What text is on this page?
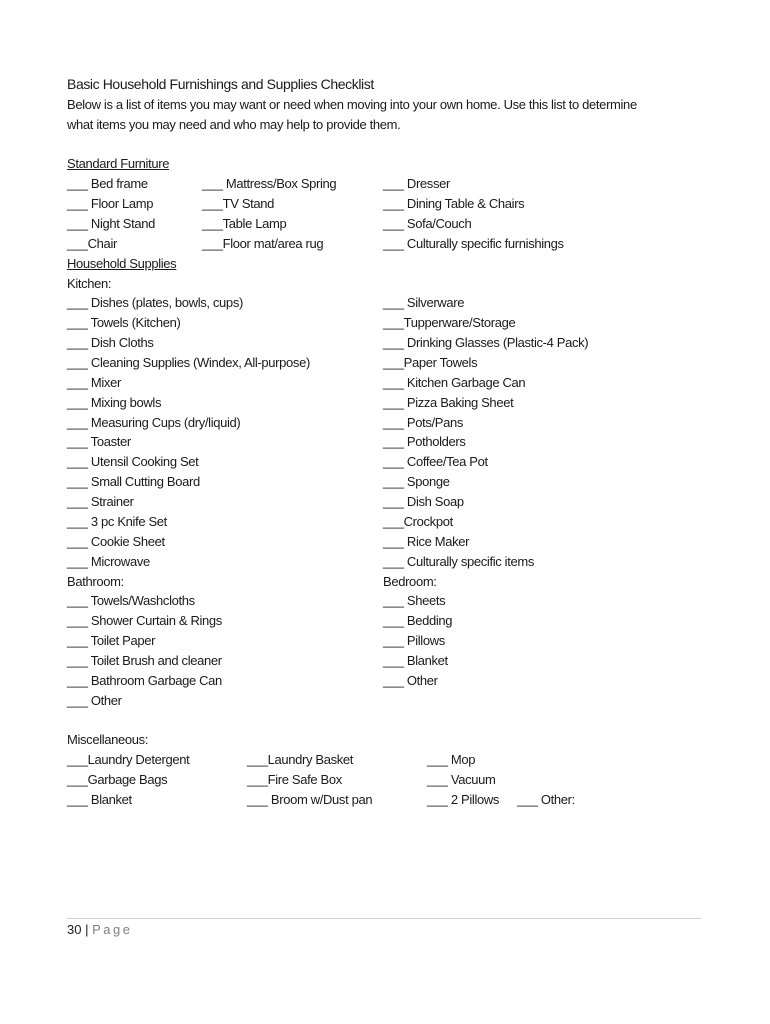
Basic Household Furnishings and Supplies Checklist
Below is a list of items you may want or need when moving into your own home. Use this list to determine
what items you may need and who may help to provide them.
Standard Furniture
___ Bed frame
___ Floor Lamp
___ Night Stand
___Chair
___ Mattress/Box Spring
___TV Stand
___Table Lamp
___Floor mat/area rug
___ Dresser
___ Dining Table & Chairs
___ Sofa/Couch
___ Culturally specific furnishings
Household Supplies
Kitchen:
___ Dishes (plates, bowls, cups)
___ Towels (Kitchen)
___ Dish Cloths
___ Cleaning Supplies (Windex, All-purpose)
___ Mixer
___ Mixing bowls
___ Measuring Cups (dry/liquid)
___ Toaster
___ Utensil Cooking Set
___ Small Cutting Board
___ Strainer
___ 3 pc Knife Set
___ Cookie Sheet
___ Microwave
___ Silverware
___Tupperware/Storage
___ Drinking Glasses (Plastic-4 Pack)
___Paper Towels
___ Kitchen Garbage Can
___ Pizza Baking Sheet
___ Pots/Pans
___ Potholders
___ Coffee/Tea Pot
___ Sponge
___ Dish Soap
___Crockpot
___ Rice Maker
___ Culturally specific items
Bathroom:	Bedroom:
___ Towels/Washcloths
___ Shower Curtain & Rings
___ Toilet Paper
___ Toilet Brush and cleaner
___ Bathroom Garbage Can
___ Other
___ Sheets
___ Bedding
___ Pillows
___ Blanket
___ Other
Miscellaneous:
___Laundry Detergent
___Garbage Bags
___ Blanket
___Laundry Basket
___Fire Safe Box
___ Broom w/Dust pan
___ Mop
___ Vacuum
___ 2 Pillows ___ Other:
30 | Page
